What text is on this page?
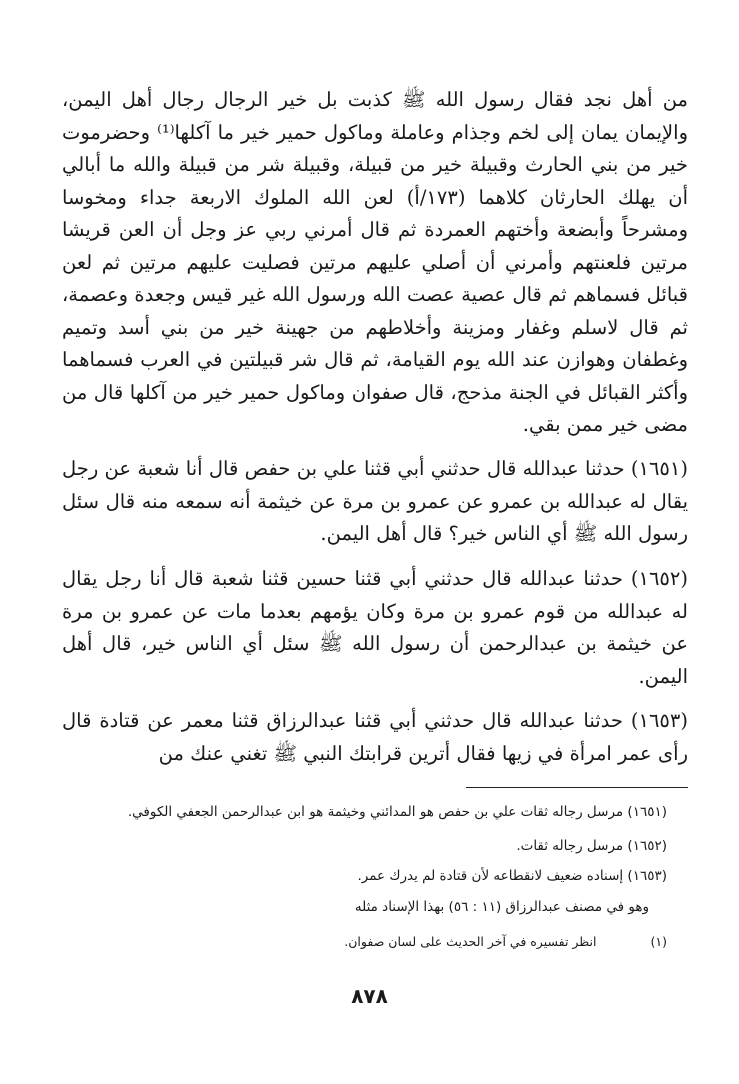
من أهل نجد فقال رسول الله ﷺ كذبت بل خير الرجال رجال أهل اليمن، والإيمان يمان إلى لخم وجذام وعاملة وماكول حمير خير ما آكلها⁽¹⁾ وحضرموت خير من بني الحارث وقبيلة خير من قبيلة، وقبيلة شر من قبيلة والله ما أبالي أن يهلك الحارثان كلاهما (١٧٣/أ) لعن الله الملوك الاربعة جداء ومخوسا ومشرحاً وأبضعة وأختهم العمردة ثم قال أمرني ربي عز وجل أن العن قريشا مرتين فلعنتهم وأمرني أن أصلي عليهم مرتين فصليت عليهم مرتين ثم لعن قبائل فسماهم ثم قال عصية عصت الله ورسول الله غير قيس وجعدة وعصمة، ثم قال لاسلم وغفار ومزينة وأخلاطهم من جهينة خير من بني أسد وتميم وغطفان وهوازن عند الله يوم القيامة، ثم قال شر قبيلتين في العرب فسماهما وأكثر القبائل في الجنة مذحج، قال صفوان وماكول حمير خير من آكلها قال من مضى خير ممن بقي.
(١٦٥١) حدثنا عبدالله قال حدثني أبي قثنا علي بن حفص قال أنا شعبة عن رجل يقال له عبدالله بن عمرو عن عمرو بن مرة عن خيثمة أنه سمعه منه قال سئل رسول الله ﷺ أي الناس خير؟ قال أهل اليمن.
(١٦٥٢) حدثنا عبدالله قال حدثني أبي قثنا حسين قثنا شعبة قال أنا رجل يقال له عبدالله من قوم عمرو بن مرة وكان يؤمهم بعدما مات عن عمرو بن مرة عن خيثمة بن عبدالرحمن أن رسول الله ﷺ سئل أي الناس خير، قال أهل اليمن.
(١٦٥٣) حدثنا عبدالله قال حدثني أبي قثنا عبدالرزاق قثنا معمر عن قتادة قال رأى عمر امرأة في زيها فقال أترين قرابتك النبي ﷺ تغني عنك من
(١٦٥١) مرسل رجاله ثقات علي بن حفص هو المدائني وخيثمة هو ابن عبدالرحمن الجعفي الكوفي.
(١٦٥٢) مرسل رجاله ثقات.
(١٦٥٣) إسناده ضعيف لانقطاعه لأن قتادة لم يدرك عمر.
وهو في مصنف عبدالرزاق (١١ : ٥٦) بهذا الإسناد مثله
(١) انظر تفسيره في آخر الحديث على لسان صفوان.
٨٧٨
